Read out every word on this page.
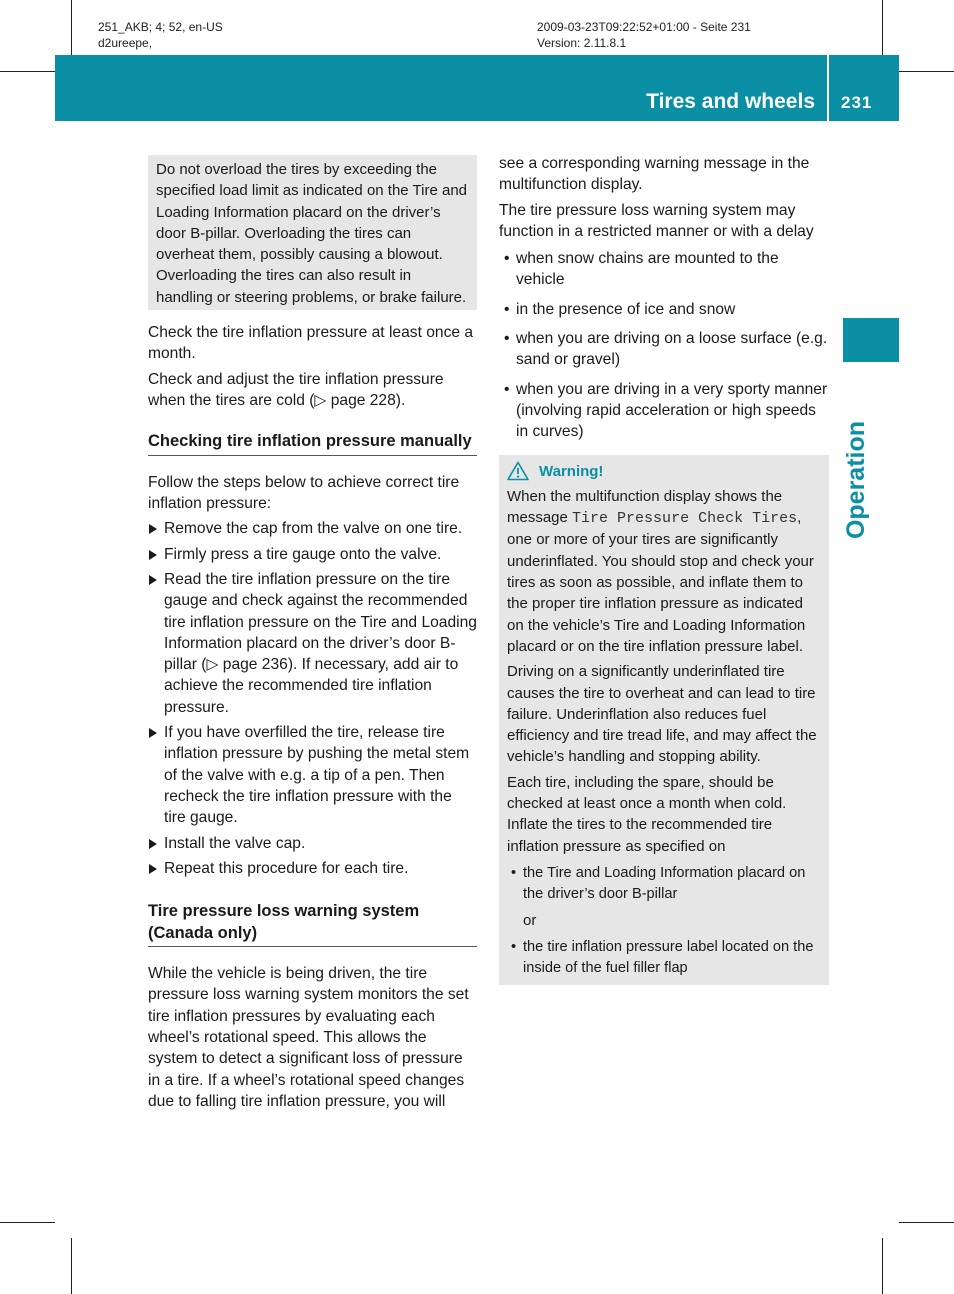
251_AKB; 4; 52, en-US
d2ureepe,
2009-03-23T09:22:52+01:00 - Seite 231
Version: 2.11.8.1
Tires and wheels 231
Operation
Do not overload the tires by exceeding the specified load limit as indicated on the Tire and Loading Information placard on the driver’s door B-pillar. Overloading the tires can overheat them, possibly causing a blowout. Overloading the tires can also result in handling or steering problems, or brake failure.

Check the tire inflation pressure at least once a month.

Check and adjust the tire inflation pressure when the tires are cold (▷ page 228).

Checking tire inflation pressure manually

Follow the steps below to achieve correct tire inflation pressure:

Remove the cap from the valve on one tire.
Firmly press a tire gauge onto the valve.
Read the tire inflation pressure on the tire gauge and check against the recommended tire inflation pressure on the Tire and Loading Information placard on the driver’s door B-pillar (▷ page 236). If necessary, add air to achieve the recommended tire inflation pressure.
If you have overfilled the tire, release tire inflation pressure by pushing the metal stem of the valve with e.g. a tip of a pen. Then recheck the tire inflation pressure with the tire gauge.
Install the valve cap.
Repeat this procedure for each tire.
Tire pressure loss warning system (Canada only)

While the vehicle is being driven, the tire pressure loss warning system monitors the set tire inflation pressures by evaluating each wheel’s rotational speed. This allows the system to detect a significant loss of pressure in a tire. If a wheel’s rotational speed changes due to falling tire inflation pressure, you will

see a corresponding warning message in the multifunction display.

The tire pressure loss warning system may function in a restricted manner or with a delay

• when snow chains are mounted to the vehicle
• in the presence of ice and snow
• when you are driving on a loose surface (e.g. sand or gravel)
• when you are driving in a very sporty manner (involving rapid acceleration or high speeds in curves)
Warning!

When the multifunction display shows the message Tire Pressure Check Tires, one or more of your tires are significantly underinflated. You should stop and check your tires as soon as possible, and inflate them to the proper tire inflation pressure as indicated on the vehicle’s Tire and Loading Information placard or on the tire inflation pressure label.

Driving on a significantly underinflated tire causes the tire to overheat and can lead to tire failure. Underinflation also reduces fuel efficiency and tire tread life, and may affect the vehicle’s handling and stopping ability.

Each tire, including the spare, should be checked at least once a month when cold. Inflate the tires to the recommended tire inflation pressure as specified on

• the Tire and Loading Information placard on the driver’s door B-pillar
or
• the tire inflation pressure label located on the inside of the fuel filler flap
